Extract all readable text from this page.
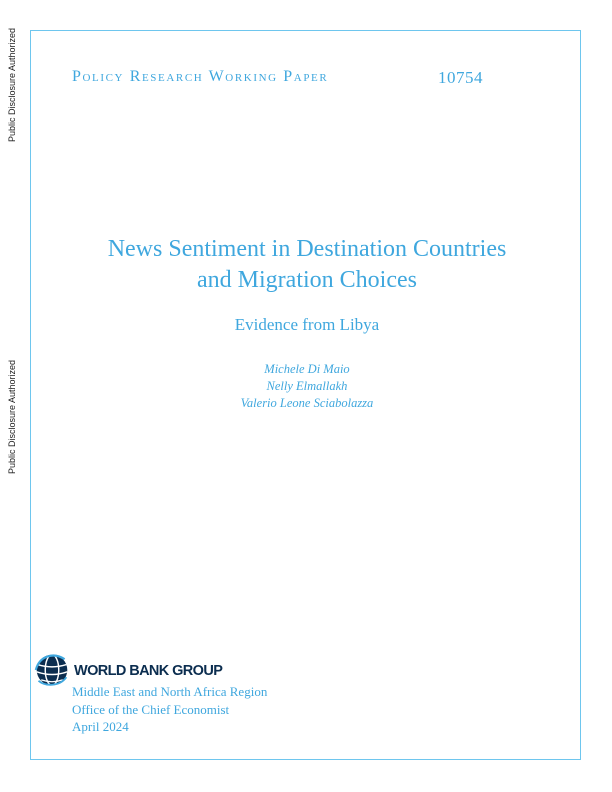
Public Disclosure Authorized
Public Disclosure Authorized
Policy Research Working Paper	10754
News Sentiment in Destination Countries
and Migration Choices
Evidence from Libya
Michele Di Maio
Nelly Elmallakh
Valerio Leone Sciabolazza
WORLD BANK GROUP
Middle East and North Africa Region
Office of the Chief Economist
April 2024
